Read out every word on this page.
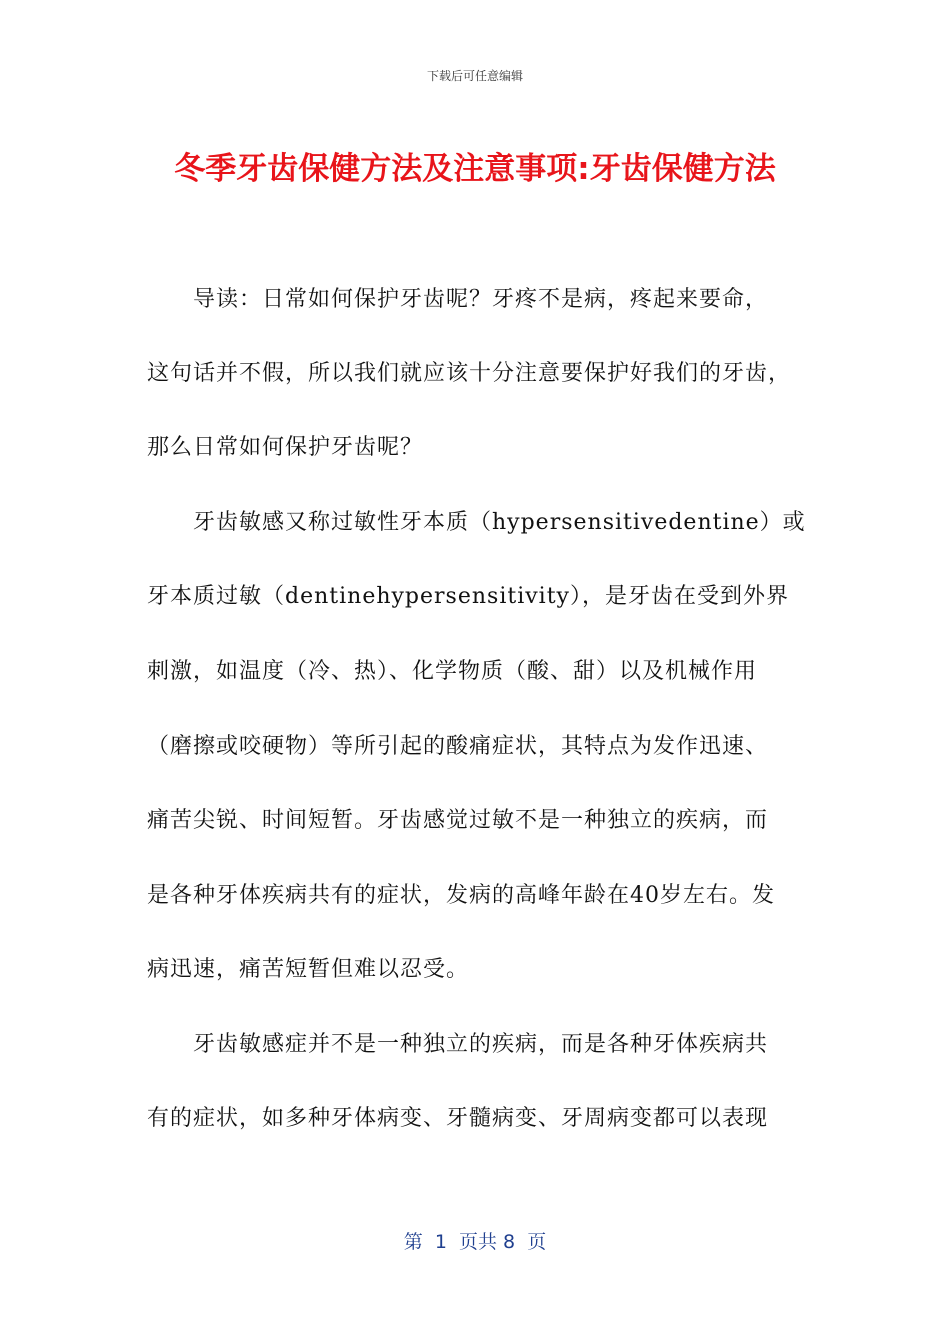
下载后可任意编辑
冬季牙齿保健方法及注意事项:牙齿保健方法
导读：日常如何保护牙齿呢？牙疼不是病，疼起来要命，
这句话并不假，所以我们就应该十分注意要保护好我们的牙齿，
那么日常如何保护牙齿呢？
牙齿敏感又称过敏性牙本质（hypersensitivedentine）或
牙本质过敏（dentinehypersensitivity），是牙齿在受到外界
刺激，如温度（冷、热）、化学物质（酸、甜）以及机械作用
（磨擦或咬硬物）等所引起的酸痛症状，其特点为发作迅速、
痛苦尖锐、时间短暂。牙齿感觉过敏不是一种独立的疾病，而
是各种牙体疾病共有的症状，发病的高峰年龄在40岁左右。发
病迅速，痛苦短暂但难以忍受。
牙齿敏感症并不是一种独立的疾病，而是各种牙体疾病共
有的症状，如多种牙体病变、牙髓病变、牙周病变都可以表现
第  1  页共 8  页
